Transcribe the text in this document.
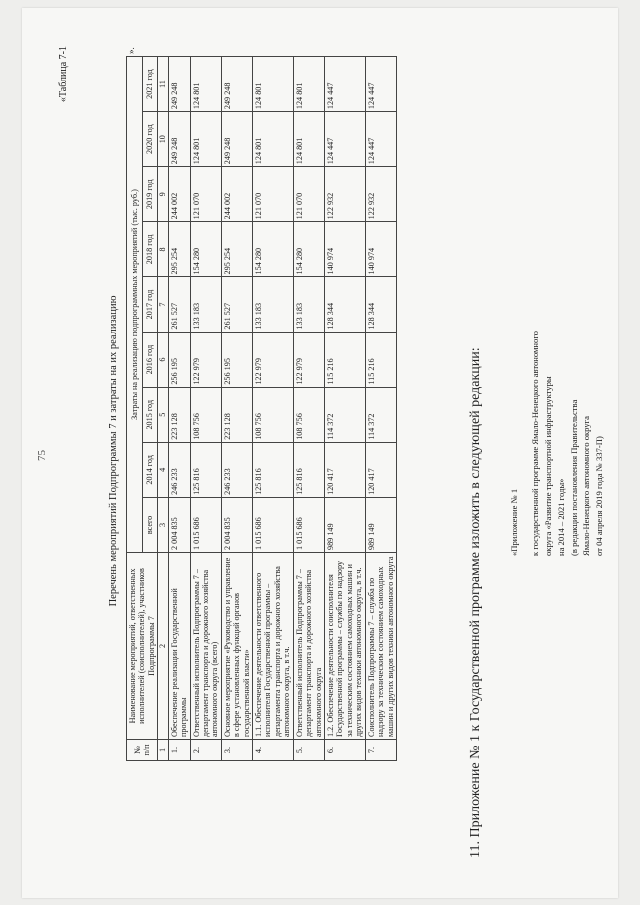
75
«Таблица 7-1
Перечень мероприятий Подпрограммы 7 и затраты на их реализацию
№ п/п	Наименование мероприятий, ответственных исполнителей (соисполнителей), участников Подпрограммы 7	Затраты на реализацию подпрограммных мероприятий (тыс. руб.)								
		всего	2014 год	2015 год	2016 год	2017 год	2018 год	2019 год	2020 год	2021 год
1	2	3	4	5	6	7	8	9	10	11
1.	Обеспечение реализации Государственной программы	2 004 835	246 233	223 128	256 195	261 527	295 254	244 002	249 248	249 248
2.	Ответственный исполнитель Подпрограммы 7 – департамент транспорта и дорожного хозяйства автономного округа (всего)	1 015 686	125 816	108 756	122 979	133 183	154 280	121 070	124 801	124 801
3.	Основное мероприятие «Руководство и управление в сфере установленных функций органов государственной власти»	2 004 835	246 233	223 128	256 195	261 527	295 254	244 002	249 248	249 248
4.	1.1. Обеспечение деятельности ответственного исполнителя Государственной программы – департамента транспорта и дорожного хозяйства автономного округа, в т.ч.	1 015 686	125 816	108 756	122 979	133 183	154 280	121 070	124 801	124 801
5.	Ответственный исполнитель Подпрограммы 7 – департамент транспорта и дорожного хозяйства автономного округа	1 015 686	125 816	108 756	122 979	133 183	154 280	121 070	124 801	124 801
6.	1.2. Обеспечение деятельности соисполнителя Государственной программы – службы по надзору за техническим состоянием самоходных машин и других видов техники автономного округа, в т.ч.	989 149	120 417	114 372	115 216	128 344	140 974	122 932	124 447	124 447
7.	Соисполнитель Подпрограммы 7 – служба по надзору за техническим состоянием самоходных машин и других видов техники автономного округа	989 149	120 417	114 372	115 216	128 344	140 974	122 932	124 447	124 447
11. Приложение № 1 к Государственной программе изложить в следующей редакции:	«Приложение № 1 к государственной программе Ямало-Ненецкого автономного округа «Развитие транспортной инфраструктуры на 2014 – 2021 годы» (в редакции постановления Правительства Ямало-Ненецкого автономного округа от 04 апреля 2019 года № 337-П)
».
